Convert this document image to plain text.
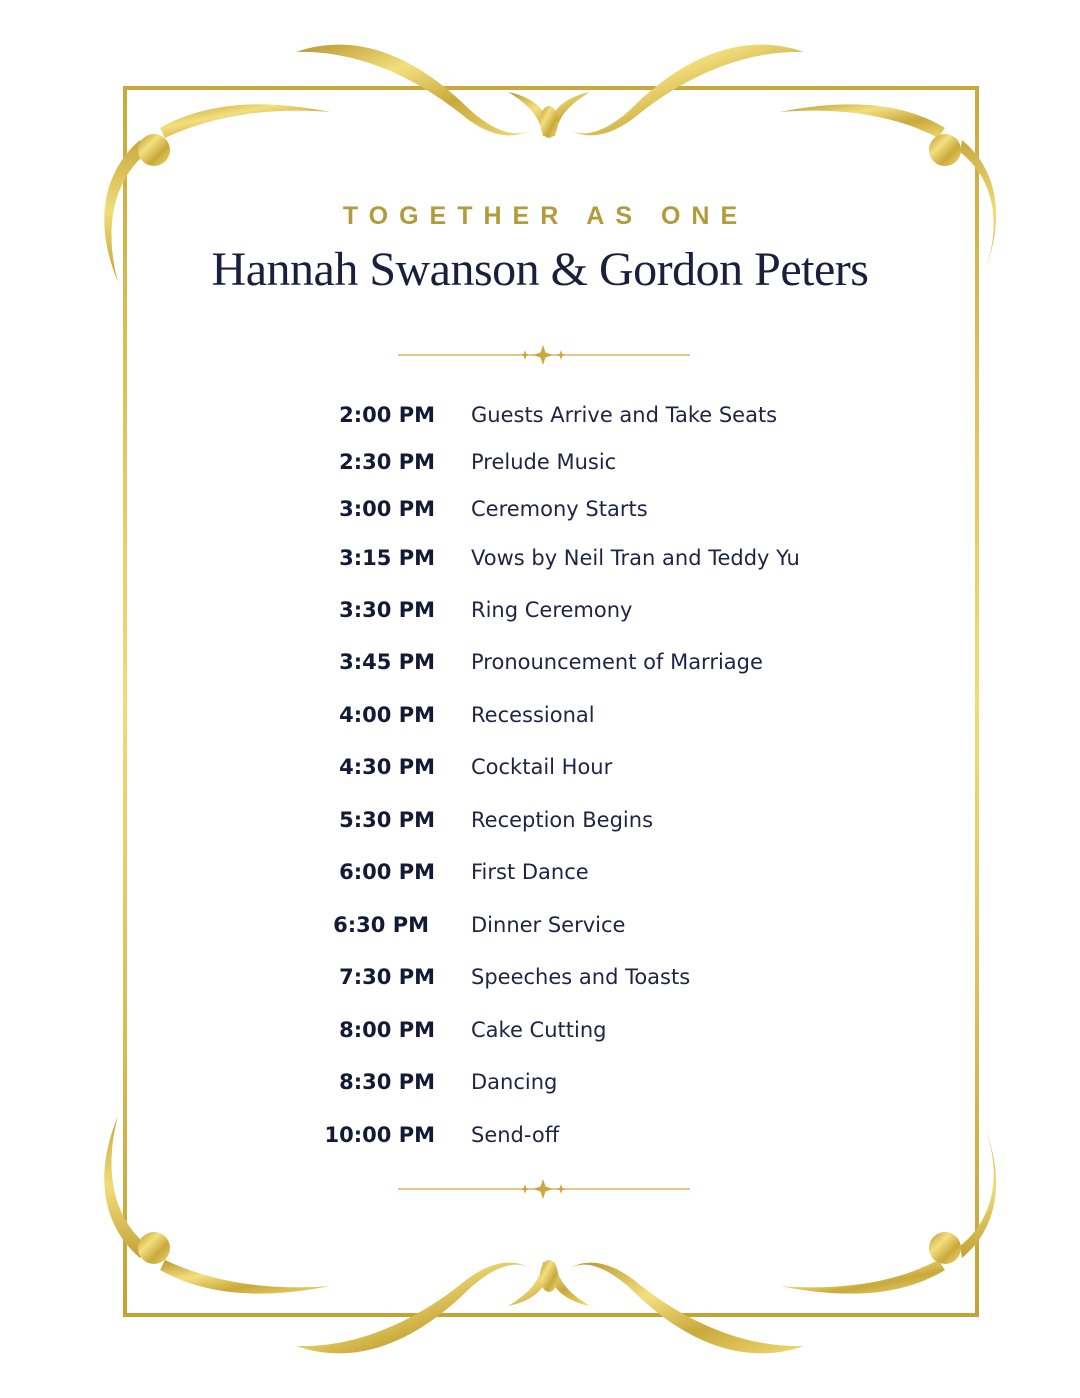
TOGETHER AS ONE
Hannah Swanson & Gordon Peters
2:00 PM Guests Arrive and Take Seats
2:30 PM Prelude Music
3:00 PM Ceremony Starts
3:15 PM Vows by Neil Tran and Teddy Yu
3:30 PM Ring Ceremony
3:45 PM Pronouncement of Marriage
4:00 PM Recessional
4:30 PM Cocktail Hour
5:30 PM Reception Begins
6:00 PM First Dance
6:30 PM Dinner Service
7:30 PM Speeches and Toasts
8:00 PM Cake Cutting
8:30 PM Dancing
10:00 PM Send-off
